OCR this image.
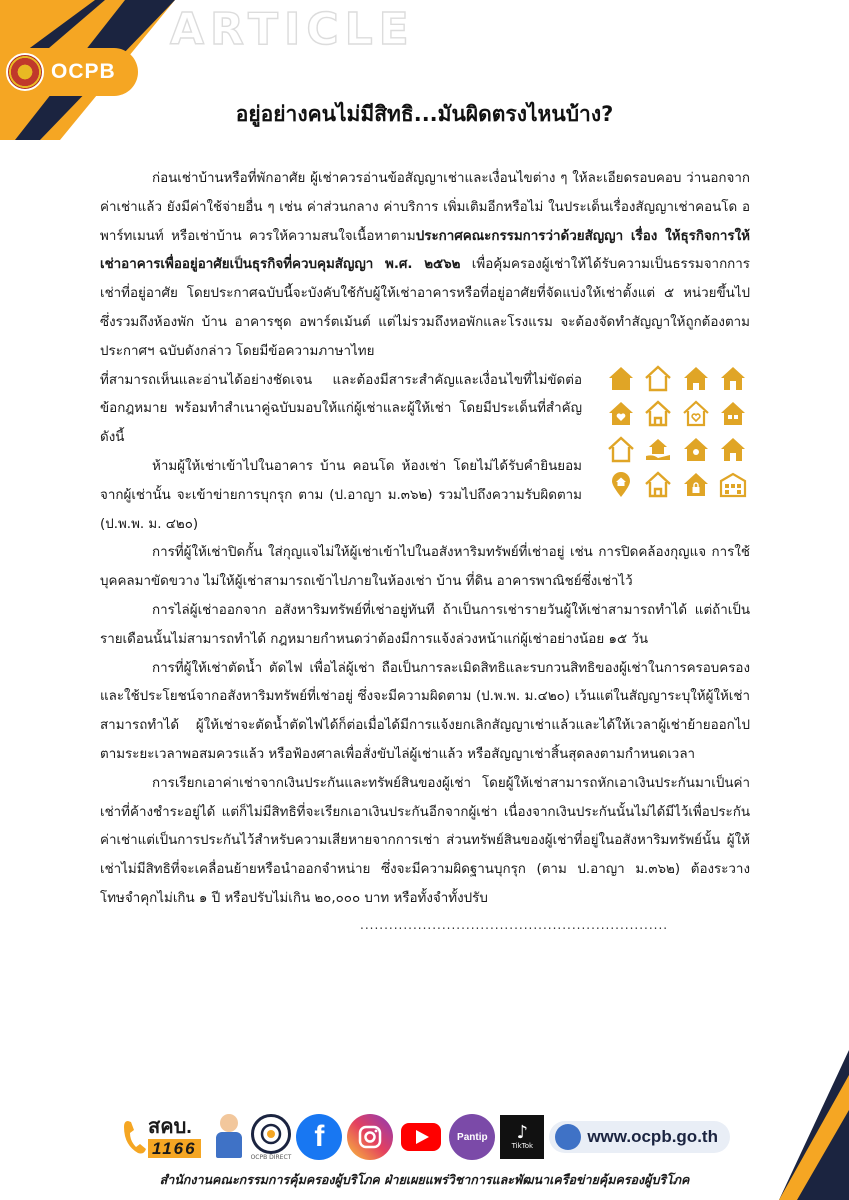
ARTICLE
OCPB
อยู่อย่างคนไม่มีสิทธิ...มันผิดตรงไหนบ้าง?

ก่อนเช่าบ้านหรือที่พักอาศัย ผู้เช่าควรอ่านข้อสัญญาเช่าและเงื่อนไขต่าง ๆ ให้ละเอียดรอบคอบ ว่านอกจากค่าเช่าแล้ว ยังมีค่าใช้จ่ายอื่น ๆ เช่น ค่าส่วนกลาง ค่าบริการ เพิ่มเติมอีกหรือไม่ ในประเด็นเรื่องสัญญาเช่าคอนโด อพาร์ทเมนท์ หรือเช่าบ้าน ควรให้ความสนใจเนื้อหาตามประกาศคณะกรรมการว่าด้วยสัญญา เรื่อง ให้ธุรกิจการให้เช่าอาคารเพื่ออยู่อาศัยเป็นธุรกิจที่ควบคุมสัญญา พ.ศ. ๒๕๖๒ เพื่อคุ้มครองผู้เช่าให้ได้รับความเป็นธรรมจากการเช่าที่อยู่อาศัย โดยประกาศฉบับนี้จะบังคับใช้กับผู้ให้เช่าอาคารหรือที่อยู่อาศัยที่จัดแบ่งให้เช่าตั้งแต่ ๕ หน่วยขึ้นไป ซึ่งรวมถึงห้องพัก บ้าน อาคารชุด อพาร์ตเม้นต์ แต่ไม่รวมถึงหอพักและโรงแรม จะต้องจัดทำสัญญาให้ถูกต้องตามประกาศฯ ฉบับดังกล่าว โดยมีข้อความภาษาไทย

ที่สามารถเห็นและอ่านได้อย่างชัดเจน และต้องมีสาระสำคัญและเงื่อนไขที่ไม่ขัดต่อข้อกฎหมาย พร้อมทำสำเนาคู่ฉบับมอบให้แก่ผู้เช่าและผู้ให้เช่า โดยมีประเด็นที่สำคัญดังนี้

ห้ามผู้ให้เช่าเข้าไปในอาคาร บ้าน คอนโด ห้องเช่า โดยไม่ได้รับคำยินยอมจากผู้เช่านั้น จะเข้าข่ายการบุกรุก ตาม (ป.อาญา ม.๓๖๒) รวมไปถึงความรับผิดตาม (ป.พ.พ. ม. ๔๒๐)

การที่ผู้ให้เช่าปิดกั้น ใส่กุญแจไม่ให้ผู้เช่าเข้าไปในอสังหาริมทรัพย์ที่เช่าอยู่ เช่น การปิดคล้องกุญแจ การใช้บุคคลมาขัดขวาง ไม่ให้ผู้เช่าสามารถเข้าไปภายในห้องเช่า บ้าน ที่ดิน อาคารพาณิชย์ซึ่งเช่าไว้

การไล่ผู้เช่าออกจาก อสังหาริมทรัพย์ที่เช่าอยู่ทันที ถ้าเป็นการเช่ารายวันผู้ให้เช่าสามารถทำได้ แต่ถ้าเป็นรายเดือนนั้นไม่สามารถทำได้ กฎหมายกำหนดว่าต้องมีการแจ้งล่วงหน้าแก่ผู้เช่าอย่างน้อย ๑๕ วัน

การที่ผู้ให้เช่าตัดน้ำ ตัดไฟ เพื่อไล่ผู้เช่า ถือเป็นการละเมิดสิทธิและรบกวนสิทธิของผู้เช่าในการครอบครองและใช้ประโยชน์จากอสังหาริมทรัพย์ที่เช่าอยู่ ซึ่งจะมีความผิดตาม (ป.พ.พ. ม.๔๒๐) เว้นแต่ในสัญญาระบุให้ผู้ให้เช่าสามารถทำได้ ผู้ให้เช่าจะตัดน้ำตัดไฟได้ก็ต่อเมื่อได้มีการแจ้งยกเลิกสัญญาเช่าแล้วและได้ให้เวลาผู้เช่าย้ายออกไปตามระยะเวลาพอสมควรแล้ว หรือฟ้องศาลเพื่อสั่งขับไล่ผู้เช่าแล้ว หรือสัญญาเช่าสิ้นสุดลงตามกำหนดเวลา

การเรียกเอาค่าเช่าจากเงินประกันและทรัพย์สินของผู้เช่า โดยผู้ให้เช่าสามารถหักเอาเงินประกันมาเป็นค่าเช่าที่ค้างชำระอยู่ได้ แต่ก็ไม่มีสิทธิที่จะเรียกเอาเงินประกันอีกจากผู้เช่า เนื่องจากเงินประกันนั้นไม่ได้มีไว้เพื่อประกันค่าเช่าแต่เป็นการประกันไว้สำหรับความเสียหายจากการเช่า ส่วนทรัพย์สินของผู้เช่าที่อยู่ในอสังหาริมทรัพย์นั้น ผู้ให้เช่าไม่มีสิทธิที่จะเคลื่อนย้ายหรือนำออกจำหน่าย ซึ่งจะมีความผิดฐานบุกรุก (ตาม ป.อาญา ม.๓๖๒) ต้องระวางโทษจำคุกไม่เกิน ๑ ปี หรือปรับไม่เกิน ๒๐,๐๐๐ บาท หรือทั้งจำทั้งปรับ

................................................................
สคบ.
1166	OCPB DIRECT
f	Pantip ♪
TikTok	www.ocpb.go.th
สำนักงานคณะกรรมการคุ้มครองผู้บริโภค ฝ่ายเผยแพร่วิชาการและพัฒนาเครือข่ายคุ้มครองผู้บริโภค
